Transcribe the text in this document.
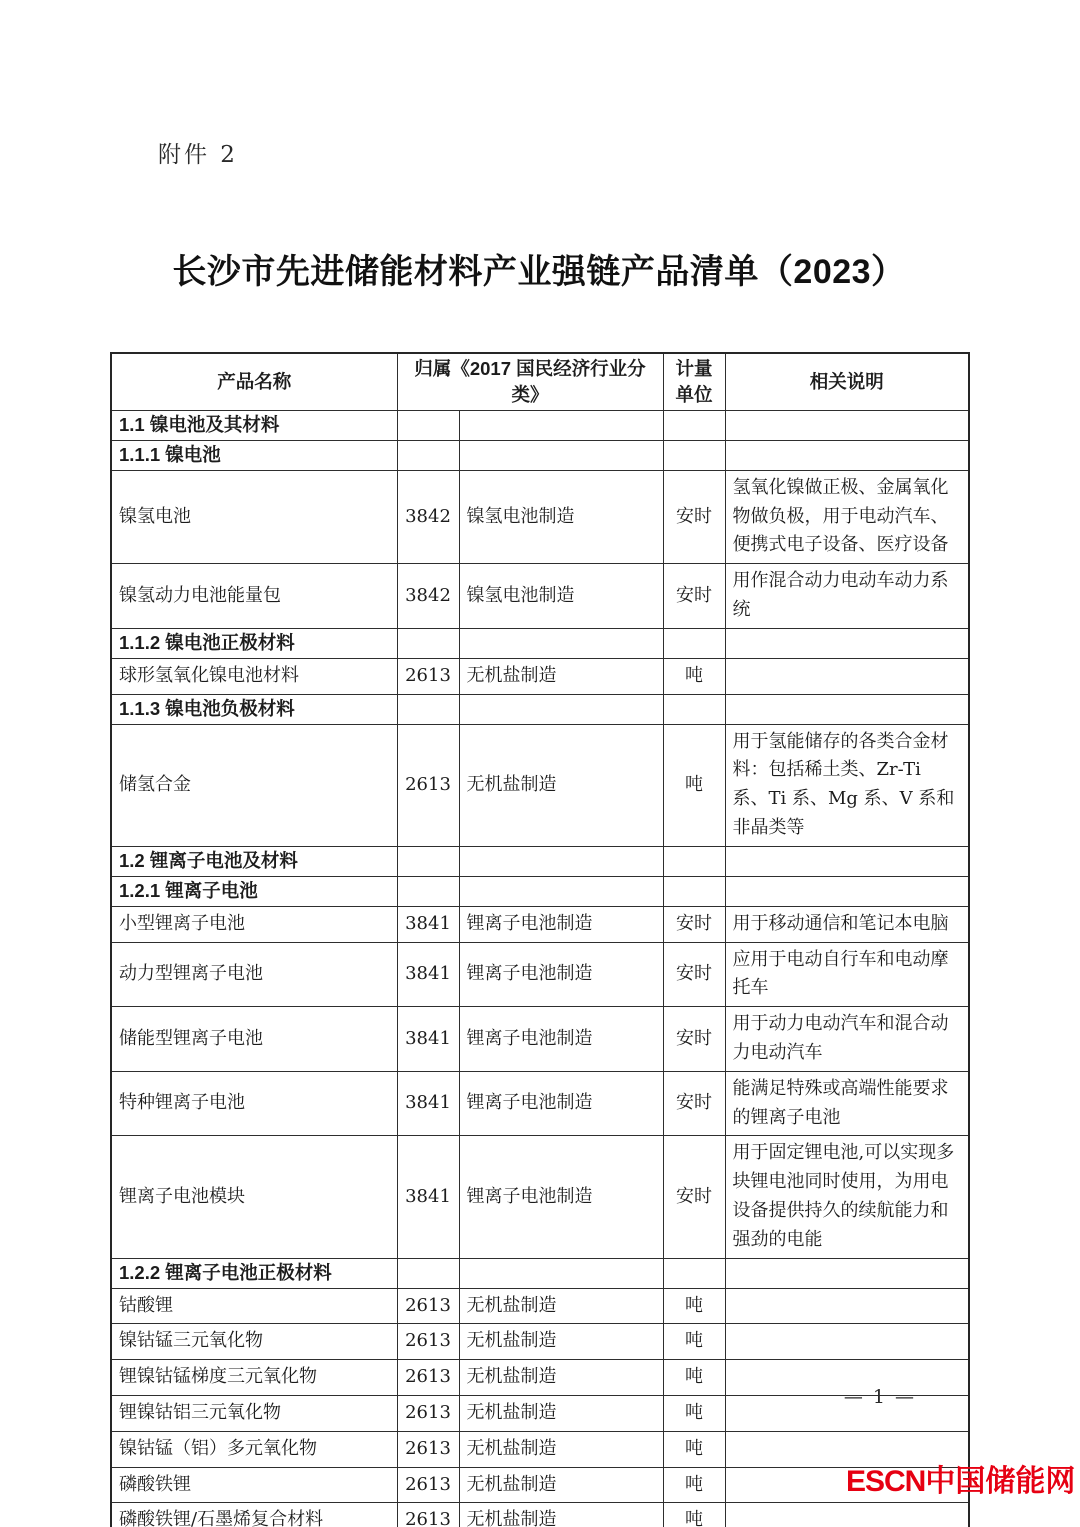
附件 2
长沙市先进储能材料产业强链产品清单（2023）
产品名称	归属《2017 国民经济行业分类》		计量单位	相关说明
1.1 镍电池及其材料				
1.1.1 镍电池				
镍氢电池	3842	镍氢电池制造	安时	氢氧化镍做正极、金属氧化物做负极，用于电动汽车、便携式电子设备、医疗设备
镍氢动力电池能量包	3842	镍氢电池制造	安时	用作混合动力电动车动力系统
1.1.2 镍电池正极材料				
球形氢氧化镍电池材料	2613	无机盐制造	吨	
1.1.3 镍电池负极材料				
储氢合金	2613	无机盐制造	吨	用于氢能储存的各类合金材料：包括稀土类、Zr-Ti 系、Ti 系、Mg 系、V 系和非晶类等
1.2 锂离子电池及材料				
1.2.1 锂离子电池				
小型锂离子电池	3841	锂离子电池制造	安时	用于移动通信和笔记本电脑
动力型锂离子电池	3841	锂离子电池制造	安时	应用于电动自行车和电动摩托车
储能型锂离子电池	3841	锂离子电池制造	安时	用于动力电动汽车和混合动力电动汽车
特种锂离子电池	3841	锂离子电池制造	安时	能满足特殊或高端性能要求的锂离子电池
锂离子电池模块	3841	锂离子电池制造	安时	用于固定锂电池,可以实现多块锂电池同时使用，为用电设备提供持久的续航能力和强劲的电能
1.2.2 锂离子电池正极材料				
钴酸锂	2613	无机盐制造	吨	
镍钴锰三元氧化物	2613	无机盐制造	吨	
锂镍钴锰梯度三元氧化物	2613	无机盐制造	吨	
锂镍钴铝三元氧化物	2613	无机盐制造	吨	
镍钴锰（铝）多元氧化物	2613	无机盐制造	吨	
磷酸铁锂	2613	无机盐制造	吨	
磷酸铁锂/石墨烯复合材料	2613	无机盐制造	吨	
— 1 —
ESCN中国储能网
